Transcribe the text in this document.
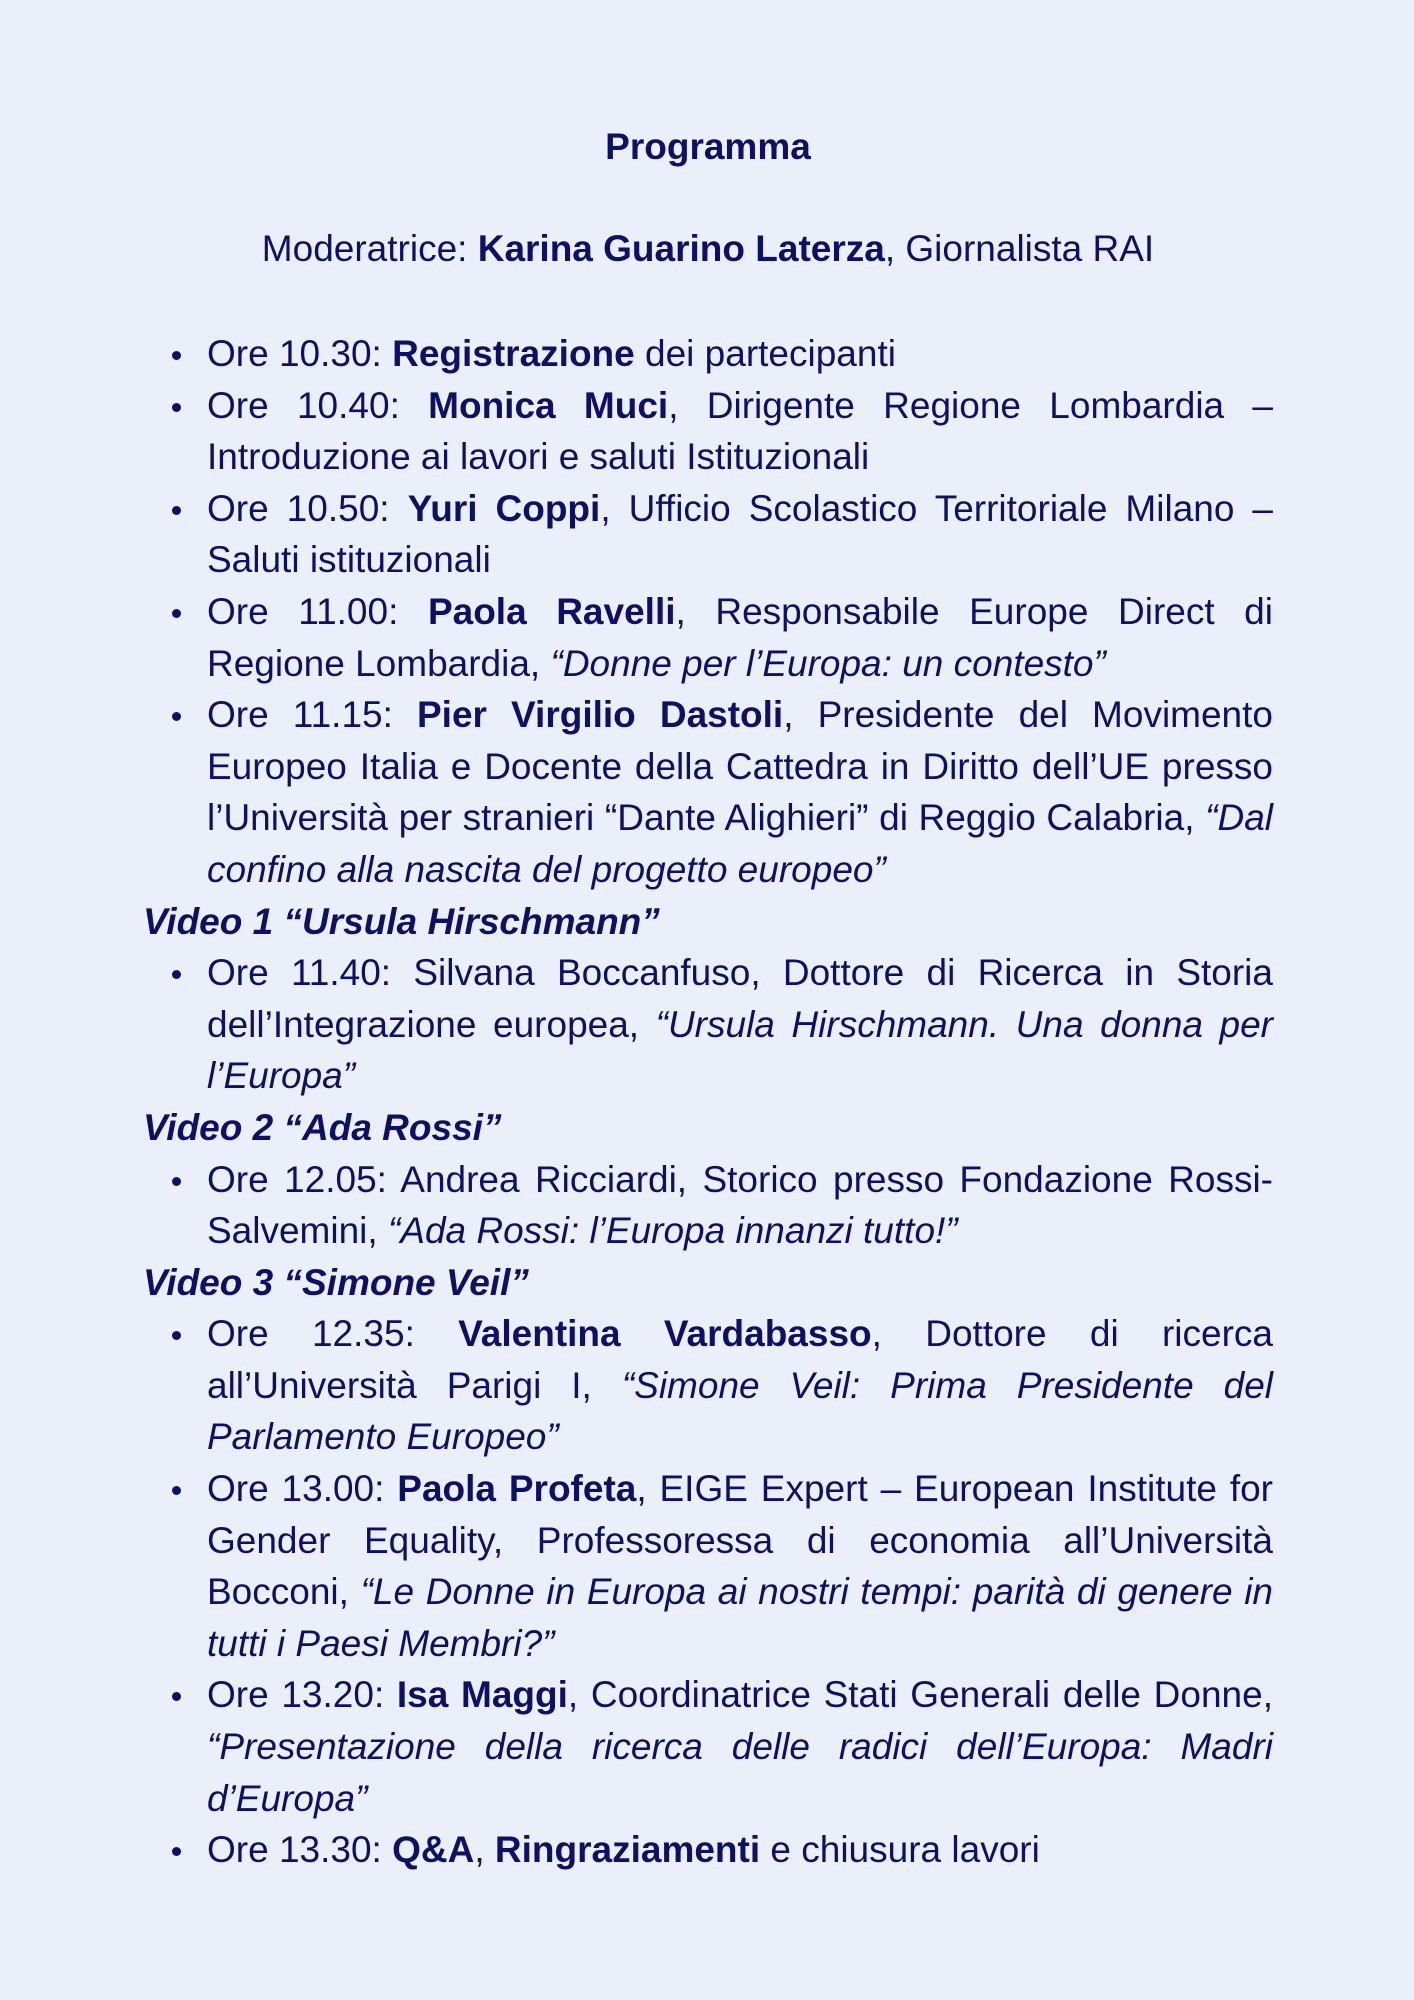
Programma
Moderatrice: Karina Guarino Laterza, Giornalista RAI
Ore 10.30: Registrazione dei partecipanti
Ore 10.40: Monica Muci, Dirigente Regione Lombardia – Introduzione ai lavori e saluti Istituzionali
Ore 10.50: Yuri Coppi, Ufficio Scolastico Territoriale Milano – Saluti istituzionali
Ore 11.00: Paola Ravelli, Responsabile Europe Direct di Regione Lombardia, “Donne per l’Europa: un contesto”
Ore 11.15: Pier Virgilio Dastoli, Presidente del Movimento Europeo Italia e Docente della Cattedra in Diritto dell’UE presso l’Università per stranieri “Dante Alighieri” di Reggio Calabria, “Dal confino alla nascita del progetto europeo”

Video 1 “Ursula Hirschmann”

Ore 11.40: Silvana Boccanfuso, Dottore di Ricerca in Storia dell’Integrazione europea, “Ursula Hirschmann. Una donna per l’Europa”

Video 2 “Ada Rossi”

Ore 12.05: Andrea Ricciardi, Storico presso Fondazione Rossi-Salvemini, “Ada Rossi: l’Europa innanzi tutto!”

Video 3 “Simone Veil”

Ore 12.35: Valentina Vardabasso, Dottore di ricerca all’Università Parigi I, “Simone Veil: Prima Presidente del Parlamento Europeo”
Ore 13.00: Paola Profeta, EIGE Expert – European Institute for Gender Equality, Professoressa di economia all’Università Bocconi, “Le Donne in Europa ai nostri tempi: parità di genere in tutti i Paesi Membri?”
Ore 13.20: Isa Maggi, Coordinatrice Stati Generali delle Donne, “Presentazione della ricerca delle radici dell’Europa: Madri d’Europa”
Ore 13.30: Q&A, Ringraziamenti e chiusura lavori
